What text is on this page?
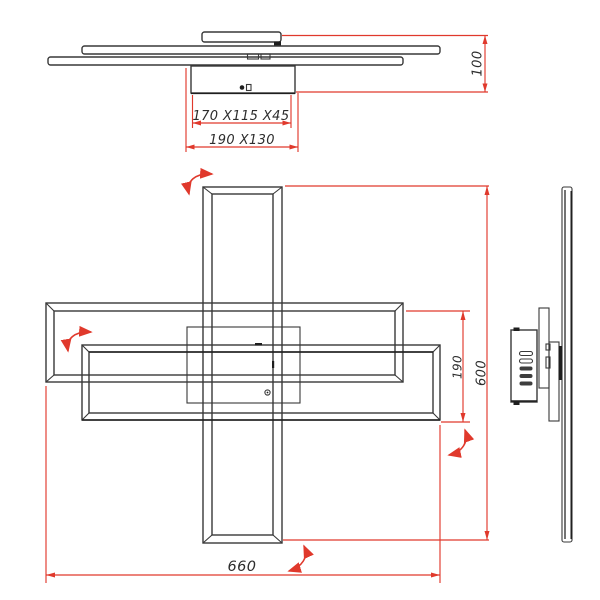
170 X115 X45
190 X130
100
190 600
660
